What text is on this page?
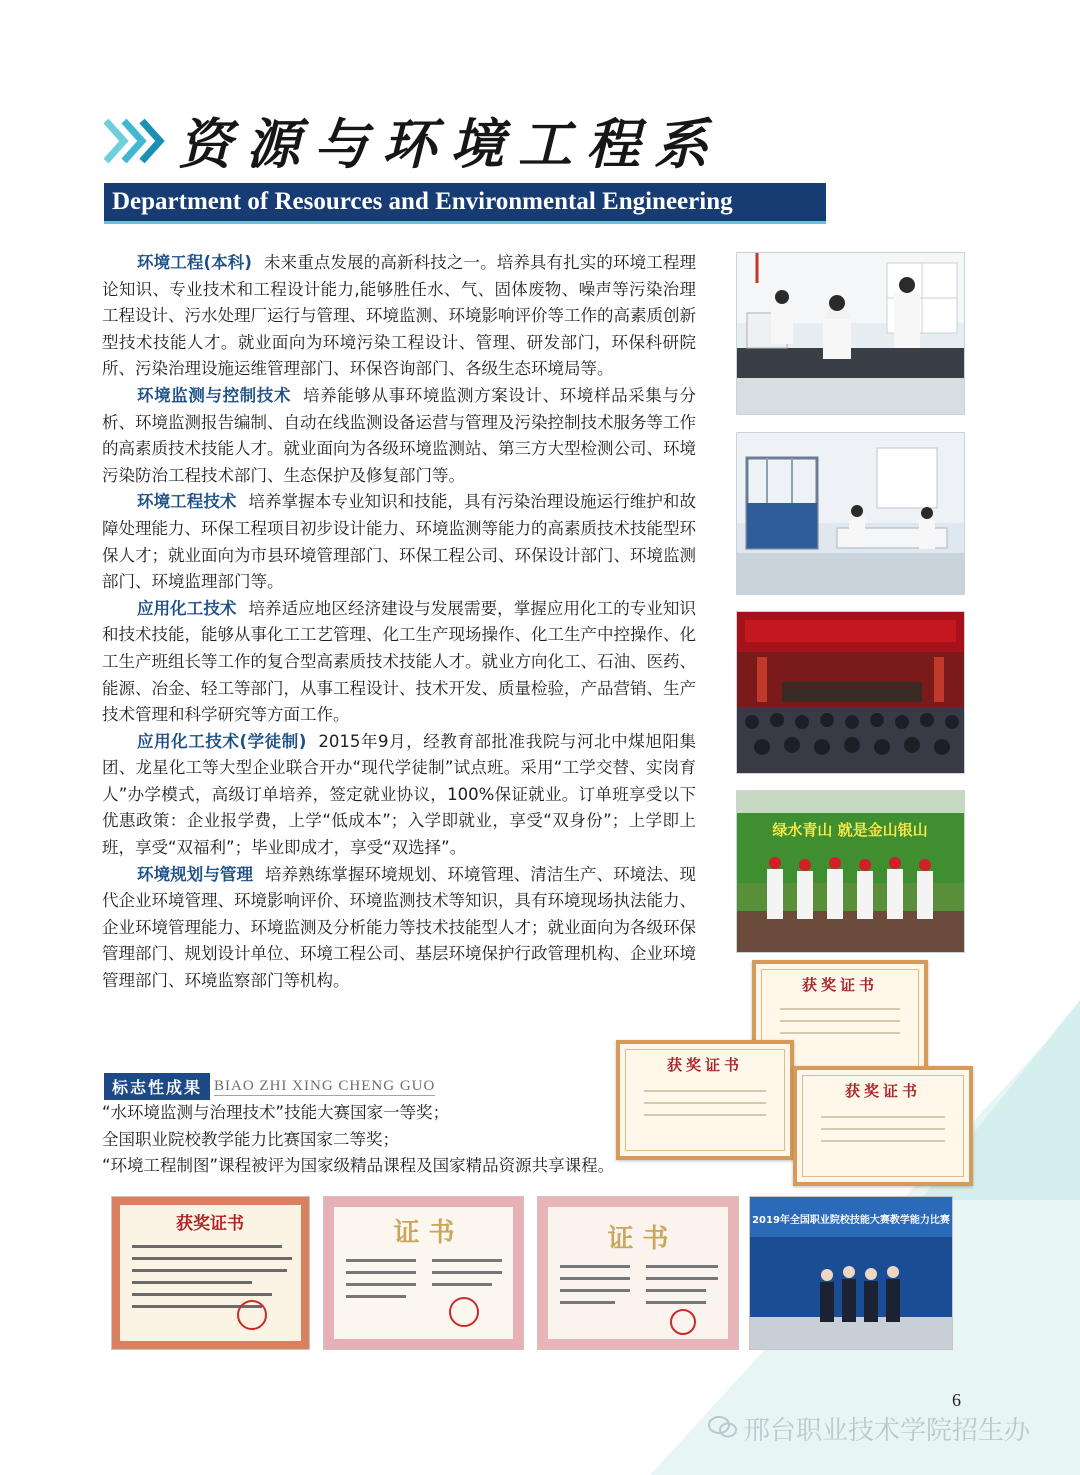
资源与环境工程系
Department of Resources and Environmental Engineering

环境工程(本科) 未来重点发展的高新科技之一。培养具有扎实的环境工程理论知识、专业技术和工程设计能力,能够胜任水、气、固体废物、噪声等污染治理工程设计、污水处理厂运行与管理、环境监测、环境影响评价等工作的高素质创新型技术技能人才。就业面向为环境污染工程设计、管理、研发部门，环保科研院所、污染治理设施运维管理部门、环保咨询部门、各级生态环境局等。

环境监测与控制技术 培养能够从事环境监测方案设计、环境样品采集与分析、环境监测报告编制、自动在线监测设备运营与管理及污染控制技术服务等工作的高素质技术技能人才。就业面向为各级环境监测站、第三方大型检测公司、环境污染防治工程技术部门、生态保护及修复部门等。

环境工程技术 培养掌握本专业知识和技能，具有污染治理设施运行维护和故障处理能力、环保工程项目初步设计能力、环境监测等能力的高素质技术技能型环保人才；就业面向为市县环境管理部门、环保工程公司、环保设计部门、环境监测部门、环境监理部门等。

应用化工技术 培养适应地区经济建设与发展需要，掌握应用化工的专业知识和技术技能，能够从事化工工艺管理、化工生产现场操作、化工生产中控操作、化工生产班组长等工作的复合型高素质技术技能人才。就业方向化工、石油、医药、能源、冶金、轻工等部门，从事工程设计、技术开发、质量检验，产品营销、生产技术管理和科学研究等方面工作。

应用化工技术(学徒制) 2015年9月，经教育部批准我院与河北中煤旭阳集团、龙星化工等大型企业联合开办“现代学徒制”试点班。采用“工学交替、实岗育人”办学模式，高级订单培养，签定就业协议，100%保证就业。订单班享受以下优惠政策：企业报学费，上学“低成本”；入学即就业，享受“双身份”；上学即上班，享受“双福利”；毕业即成才，享受“双选择”。

环境规划与管理 培养熟练掌握环境规划、环境管理、清洁生产、环境法、现代企业环境管理、环境影响评价、环境监测技术等知识，具有环境现场执法能力、企业环境管理能力、环境监测及分析能力等技术技能型人才；就业面向为各级环保管理部门、规划设计单位、环境工程公司、基层环境保护行政管理机构、企业环境管理部门、环境监察部门等机构。

绿水青山 就是金山银山
获奖证书
获奖证书
获奖证书
标志性成果 BIAO ZHI XING CHENG GUO
“水环境监测与治理技术”技能大赛国家一等奖；
全国职业院校教学能力比赛国家二等奖；
“环境工程制图”课程被评为国家级精品课程及国家精品资源共享课程。
获奖证书	证 书	证 书
2019年全国职业院校技能大赛教学能力比赛
6
邢台职业技术学院招生办
